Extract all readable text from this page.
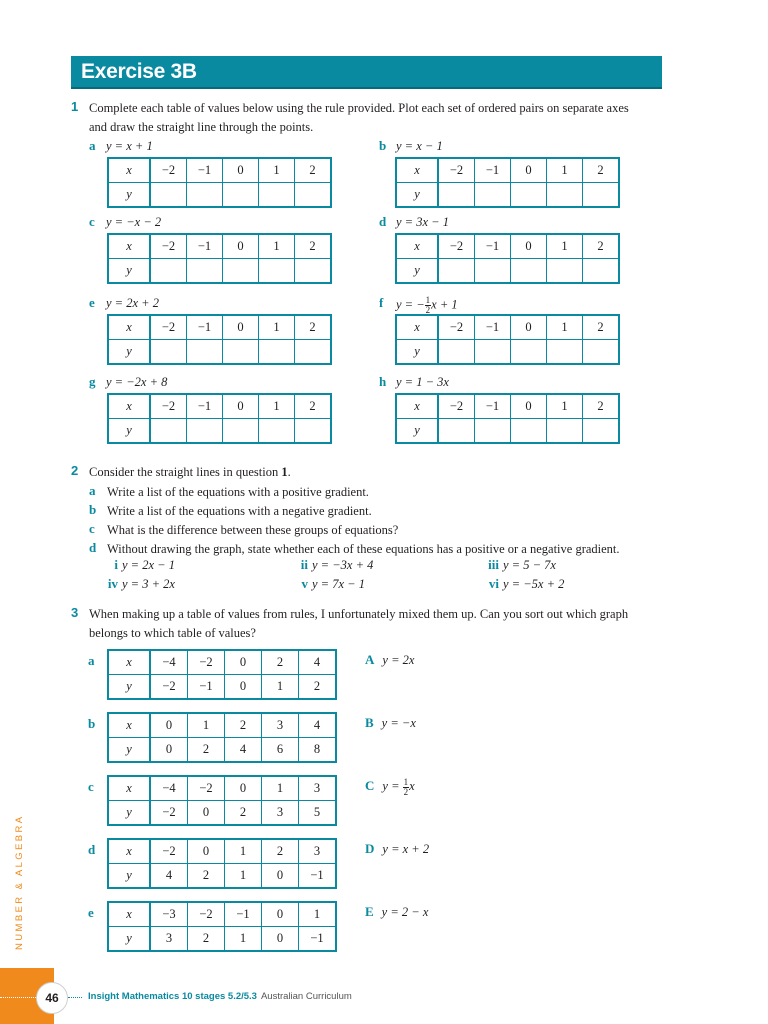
Exercise 3B
1 Complete each table of values below using the rule provided. Plot each set of ordered pairs on separate axes
and draw the straight line through the points.
a y = x + 1
x	−2	−1	0	1	2
y					
b y = x − 1
x	−2	−1	0	1	2
y					
c y = −x − 2
x	−2	−1	0	1	2
y					
d y = 3x − 1
x	−2	−1	0	1	2
y					
e y = 2x + 2
x	−2	−1	0	1	2
y					
f y = − $\frac{1}{2}$ x + 1
x	−2	−1	0	1	2
y					
g y = −2x + 8
x	−2	−1	0	1	2
y					
h y = 1 − 3x
x	−2	−1	0	1	2
y					
2 Consider the straight lines in question 1.
a Write a list of the equations with a positive gradient.
b Write a list of the equations with a negative gradient.
c What is the difference between these groups of equations?
d Without drawing the graph, state whether each of these equations has a positive or a negative gradient.
i y = 2x − 1	ii y = −3x + 4	iii y = 5 − 7x
iv y = 3 + 2x	v y = 7x − 1	vi y = −5x + 2
3 When making up a table of values from rules, I unfortunately mixed them up. Can you sort out which graph
belongs to which table of values?
a	x	−4	−2	0	2	4
y	−2	−1	0	1	2
A y = 2x
b x	0	1	2	3	4
y	0	2	4	6	8
B y = −x
c	x	−4	−2	0	1	3
y	−2	0	2	3	5
C $y = \frac{1}{2}$ x
d x	−2	0	1	2	3
y	4	2	1	0	−1
D y = x + 2
e	x	−3	−2	−1	0	1
y	3	2	1	0	−1
E y = 2 − x
NUMBER & ALGEBRA
46	Insight Mathematics 10 stages 5.2/5.3 Australian Curriculum
